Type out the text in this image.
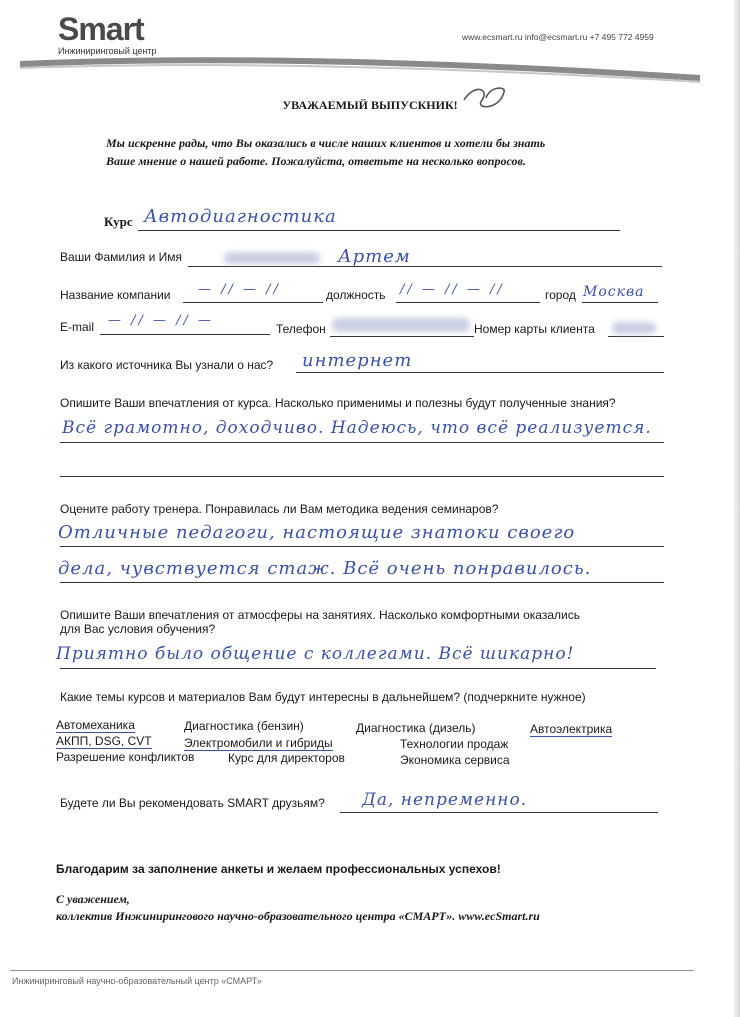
Smart
Инжиниринговый центр
www.ecsmart.ru info@ecsmart.ru +7 495 772 4959
УВАЖАЕМЫЙ ВЫПУСКНИК!
Мы искренне рады, что Вы оказались в числе наших клиентов и хотели бы знать
Ваше мнение о нашей работе. Пожалуйста, ответьте на несколько вопросов.
Курс Автодиагностика
Ваши Фамилия и Имя	Артем
Название компании — // — //	должность // — // — //	город Москва
E-mail — // — // —
Телефон	Номер карты клиента
Из какого источника Вы узнали о нас? интернет
Опишите Ваши впечатления от курса. Насколько применимы и полезны будут полученные знания?
Всё грамотно, доходчиво. Надеюсь, что всё реализуется.
Оцените работу тренера. Понравилась ли Вам методика ведения семинаров?
Отличные педагоги, настоящие знатоки своего
дела, чувствуется стаж. Всё очень понравилось.
Опишите Ваши впечатления от атмосферы на занятиях. Насколько комфортными оказались
для Вас условия обучения?
Приятно было общение с коллегами. Всё шикарно!
Какие темы курсов и материалов Вам будут интересны в дальнейшем? (подчеркните нужное)
Автомеханика	Диагностика (бензин)	Диагностика (дизель)	Автоэлектрика
АКПП, DSG, CVT	Электромобили и гибриды	Технологии продаж
Разрешение конфликтов	Курс для директоров	Экономика сервиса
Будете ли Вы рекомендовать SMART друзьям? Да, непременно.
Благодарим за заполнение анкеты и желаем профессиональных успехов!
С уважением,
коллектив Инжинирингового научно-образовательного центра «СМАРТ». www.ecSmart.ru
Инжиниринговый научно-образовательный центр «СМАРТ»
